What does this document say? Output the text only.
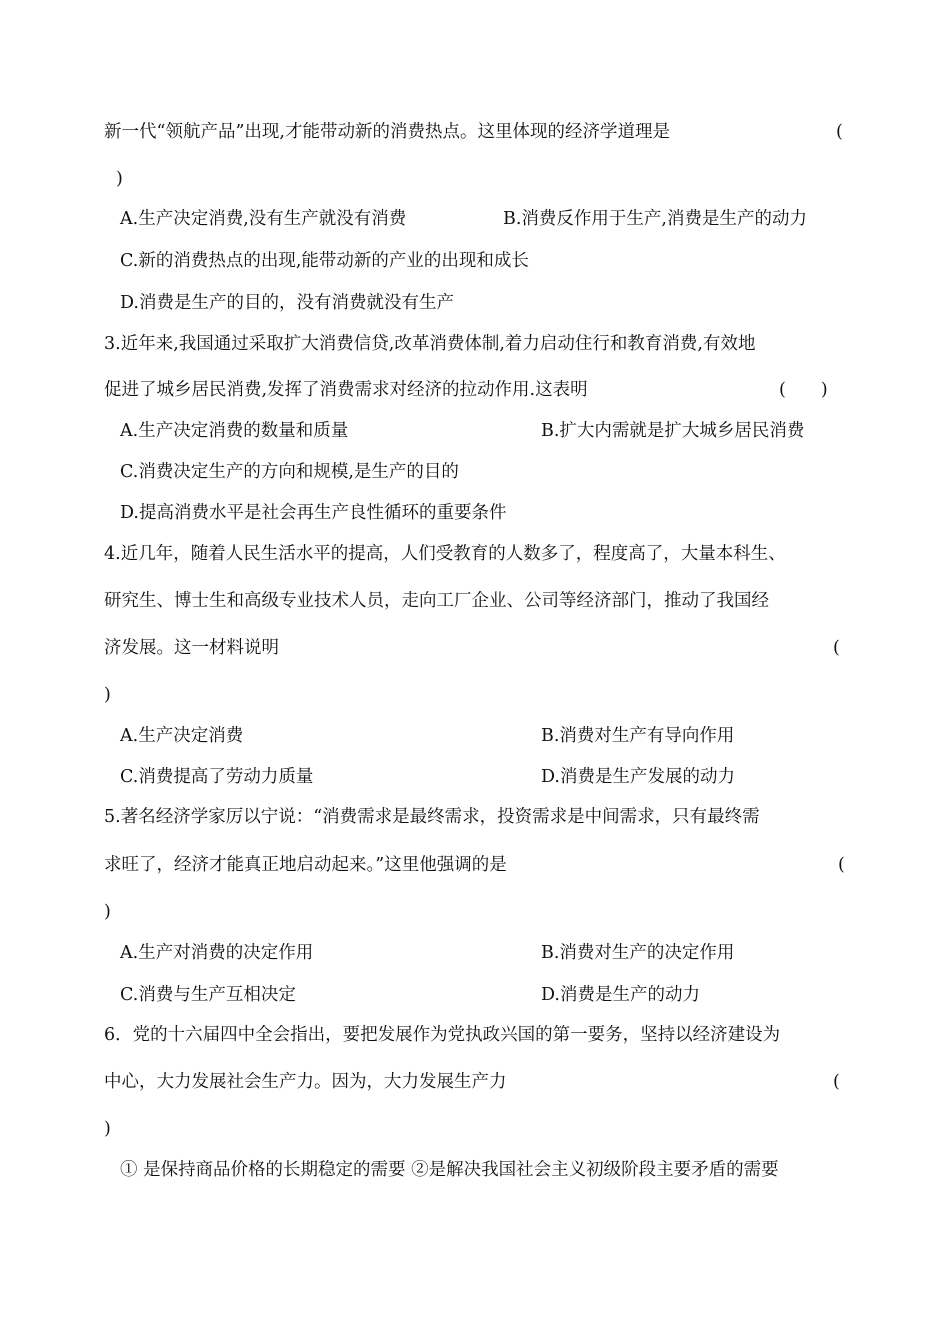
新一代“领航产品”出现,才能带动新的消费热点。这里体现的经济学道理是	(
)
A.生产决定消费,没有生产就没有消费	B.消费反作用于生产,消费是生产的动力
C.新的消费热点的出现,能带动新的产业的出现和成长
D.消费是生产的目的，没有消费就没有生产
3.近年来,我国通过采取扩大消费信贷,改革消费体制,着力启动住行和教育消费,有效地
促进了城乡居民消费,发挥了消费需求对经济的拉动作用.这表明	(　　)
A.生产决定消费的数量和质量	B.扩大内需就是扩大城乡居民消费
C.消费决定生产的方向和规模,是生产的目的
D.提高消费水平是社会再生产良性循环的重要条件
4.近几年，随着人民生活水平的提高，人们受教育的人数多了，程度高了，大量本科生、
研究生、博士生和高级专业技术人员，走向工厂企业、公司等经济部门，推动了我国经
济发展。这一材料说明	(
)
A.生产决定消费	B.消费对生产有导向作用
C.消费提高了劳动力质量	D.消费是生产发展的动力
5.著名经济学家厉以宁说：“消费需求是最终需求，投资需求是中间需求，只有最终需
求旺了，经济才能真正地启动起来。”这里他强调的是	(
)
A.生产对消费的决定作用	B.消费对生产的决定作用
C.消费与生产互相决定	D.消费是生产的动力
6．党的十六届四中全会指出，要把发展作为党执政兴国的第一要务，坚持以经济建设为
中心，大力发展社会生产力。因为，大力发展生产力	(
)
① 是保持商品价格的长期稳定的需要 ②是解决我国社会主义初级阶段主要矛盾的需要
